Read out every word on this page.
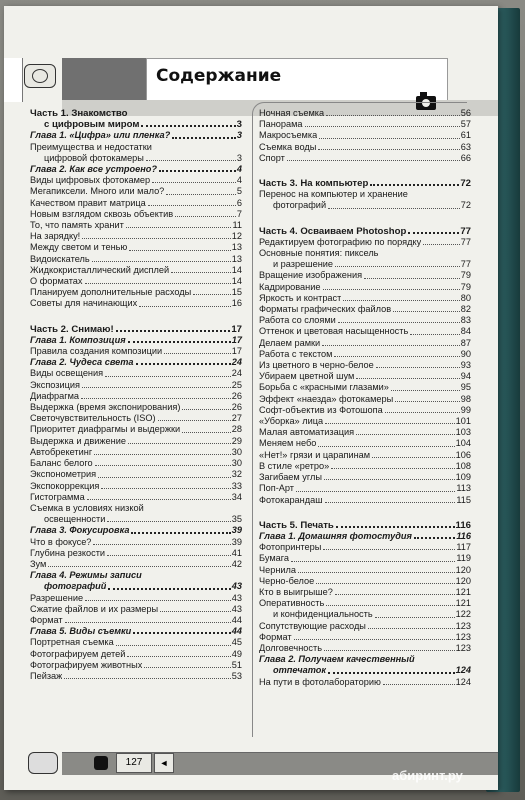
Содержание
Часть 1. Знакомство
с цифровым миром	3
Глава 1. «Цифра» или пленка?	3
Преимущества и недостатки
цифровой фотокамеры	3
Глава 2. Как все устроено?	4
Виды цифровых фотокамер	4
Мегапиксели. Много или мало?	5
Качеством правит матрица	6
Новым взглядом сквозь объектив	7
То, что память хранит	11
На зарядку!	12
Между светом и тенью	13
Видоискатель	13
Жидкокристаллический дисплей	14
О форматах	14
Планируем дополнительные расходы	15
Советы для начинающих	16
Часть 2. Снимаю!	17
Глава 1. Композиция	17
Правила создания композиции	17
Глава 2. Чудеса света	24
Виды освещения	24
Экспозиция	25
Диафрагма	26
Выдержка (время экспонирования)	26
Светочувствительность (ISO)	27
Приоритет диафрагмы и выдержки	28
Выдержка и движение	29
Автобрекетинг	30
Баланс белого	30
Экспонометрия	32
Экспокоррекция	33
Гистограмма	34
Съемка в условиях низкой
освещенности	35
Глава 3. Фокусировка	39
Что в фокусе?	39
Глубина резкости	41
Зум	42
Глава 4. Режимы записи
фотографий	43
Разрешение	43
Сжатие файлов и их размеры	43
Формат	44
Глава 5. Виды съемки	44
Портретная съемка	45
Фотографируем детей	49
Фотографируем животных	51
Пейзаж	53
Ночная съемка	56
Панорама	57
Макросъемка	61
Съемка воды	63
Спорт	66
Часть 3. На компьютер	72
Перенос на компьютер и хранение
фотографий	72
Часть 4. Осваиваем Photoshop	77
Редактируем фотографию по порядку	77
Основные понятия: пиксель
и разрешение	77
Вращение изображения	79
Кадрирование	79
Яркость и контраст	80
Форматы графических файлов	82
Работа со слоями	83
Оттенок и цветовая насыщенность	84
Делаем рамки	87
Работа с текстом	90
Из цветного в черно-белое	93
Убираем цветной шум	94
Борьба с «красными глазами»	95
Эффект «наезда» фотокамеры	98
Софт-объектив из Фотошопа	99
«Уборка» лица	101
Малая автоматизация	103
Меняем небо	104
«Нет!» грязи и царапинам	106
В стиле «ретро»	108
Загибаем углы	109
Поп-Арт	113
Фотокарандаш	115
Часть 5. Печать	116
Глава 1. Домашняя фотостудия	116
Фотопринтеры	117
Бумага	119
Чернила	120
Черно-белое	120
Кто в выигрыше?	121
Оперативность	121
и конфиденциальность	122
Сопутствующие расходы	123
Формат	123
Долговечность	123
Глава 2. Получаем качественный
отпечаток	124
На пути в фотолабораторию	124
127	◄
абиринт.ру
